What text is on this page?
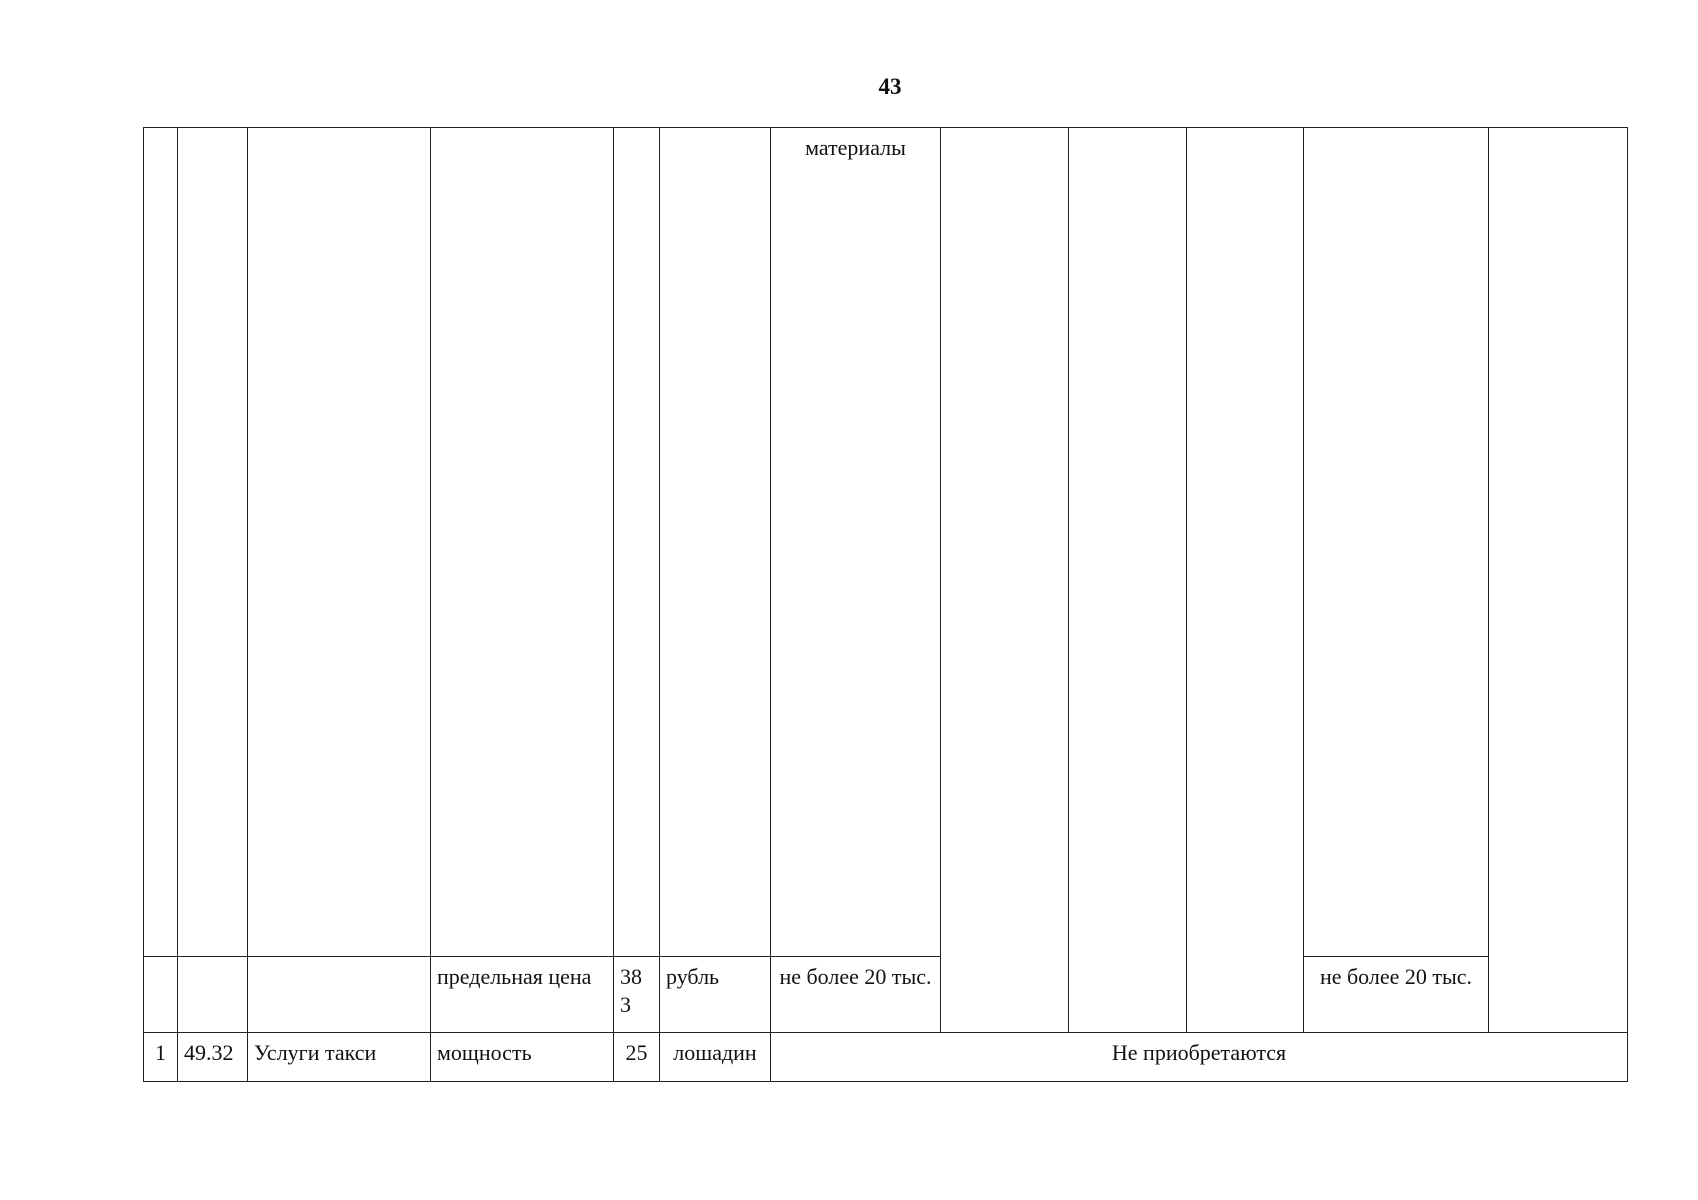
43
						материалы					
			предельная цена	38 3	рубль	не более 20 тыс.				не более 20 тыс.	
1	49.32	Услуги такси	мощность	25	лошадин	Не приобретаются					
